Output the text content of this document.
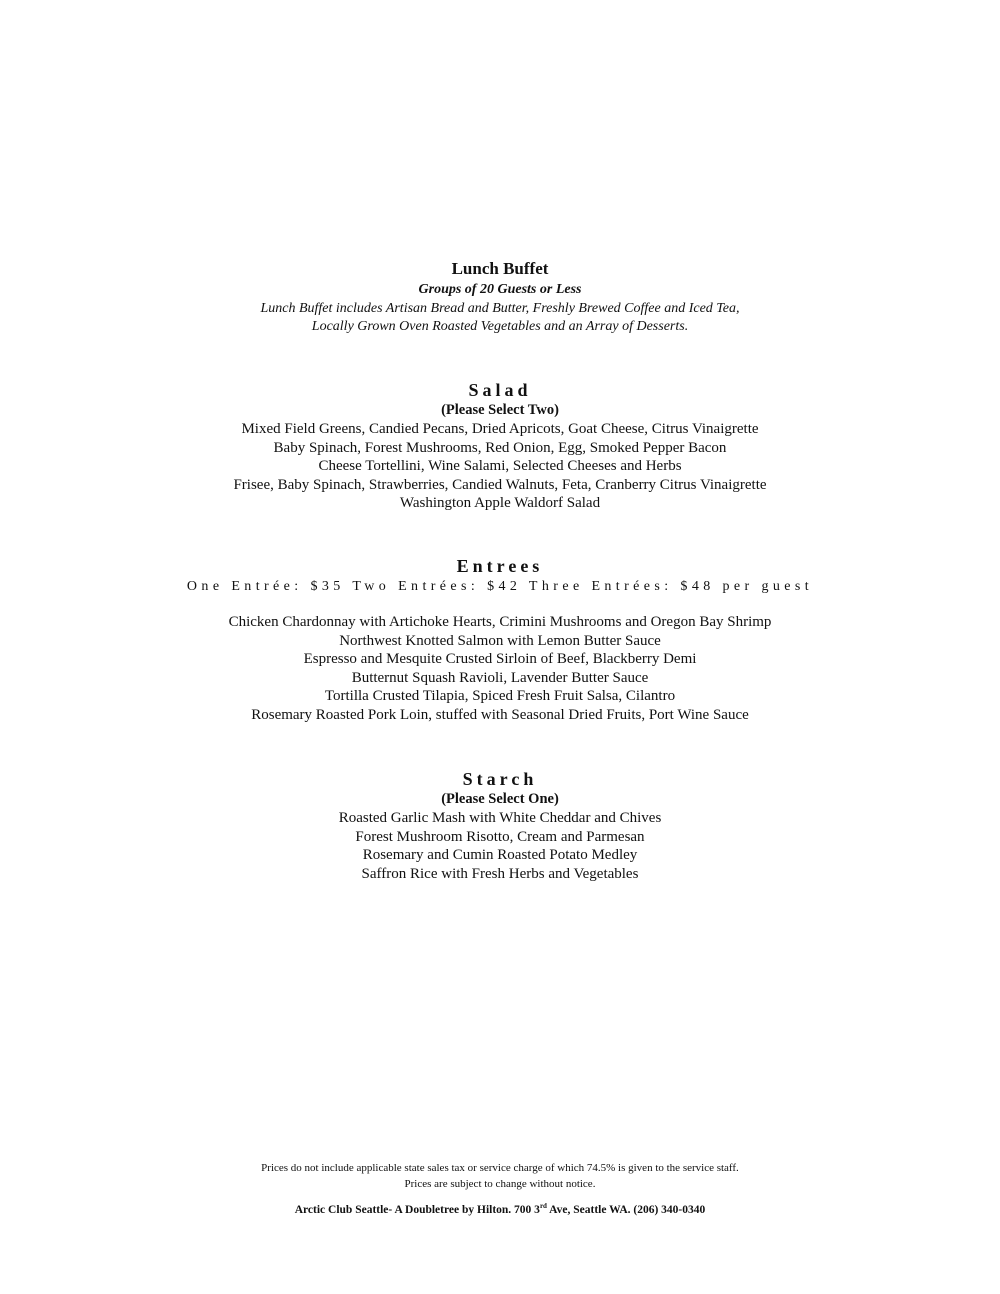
Lunch Buffet
Groups of 20 Guests or Less
Lunch Buffet includes Artisan Bread and Butter, Freshly Brewed Coffee and Iced Tea,
Locally Grown Oven Roasted Vegetables and an Array of Desserts.
Salad
(Please Select Two)
Mixed Field Greens, Candied Pecans, Dried Apricots, Goat Cheese, Citrus Vinaigrette
Baby Spinach, Forest Mushrooms, Red Onion, Egg, Smoked Pepper Bacon
Cheese Tortellini, Wine Salami, Selected Cheeses and Herbs
Frisee, Baby Spinach, Strawberries, Candied Walnuts, Feta, Cranberry Citrus Vinaigrette
Washington Apple Waldorf Salad
Entrees
One Entrée: $35 Two Entrées: $42 Three Entrées: $48 per guest
Chicken Chardonnay with Artichoke Hearts, Crimini Mushrooms and Oregon Bay Shrimp
Northwest Knotted Salmon with Lemon Butter Sauce
Espresso and Mesquite Crusted Sirloin of Beef, Blackberry Demi
Butternut Squash Ravioli, Lavender Butter Sauce
Tortilla Crusted Tilapia, Spiced Fresh Fruit Salsa, Cilantro
Rosemary Roasted Pork Loin, stuffed with Seasonal Dried Fruits, Port Wine Sauce
Starch
(Please Select One)
Roasted Garlic Mash with White Cheddar and Chives
Forest Mushroom Risotto, Cream and Parmesan
Rosemary and Cumin Roasted Potato Medley
Saffron Rice with Fresh Herbs and Vegetables
Prices do not include applicable state sales tax or service charge of which 74.5% is given to the service staff.
Prices are subject to change without notice.
Arctic Club Seattle- A Doubletree by Hilton. 700 3rd Ave, Seattle WA. (206) 340-0340
